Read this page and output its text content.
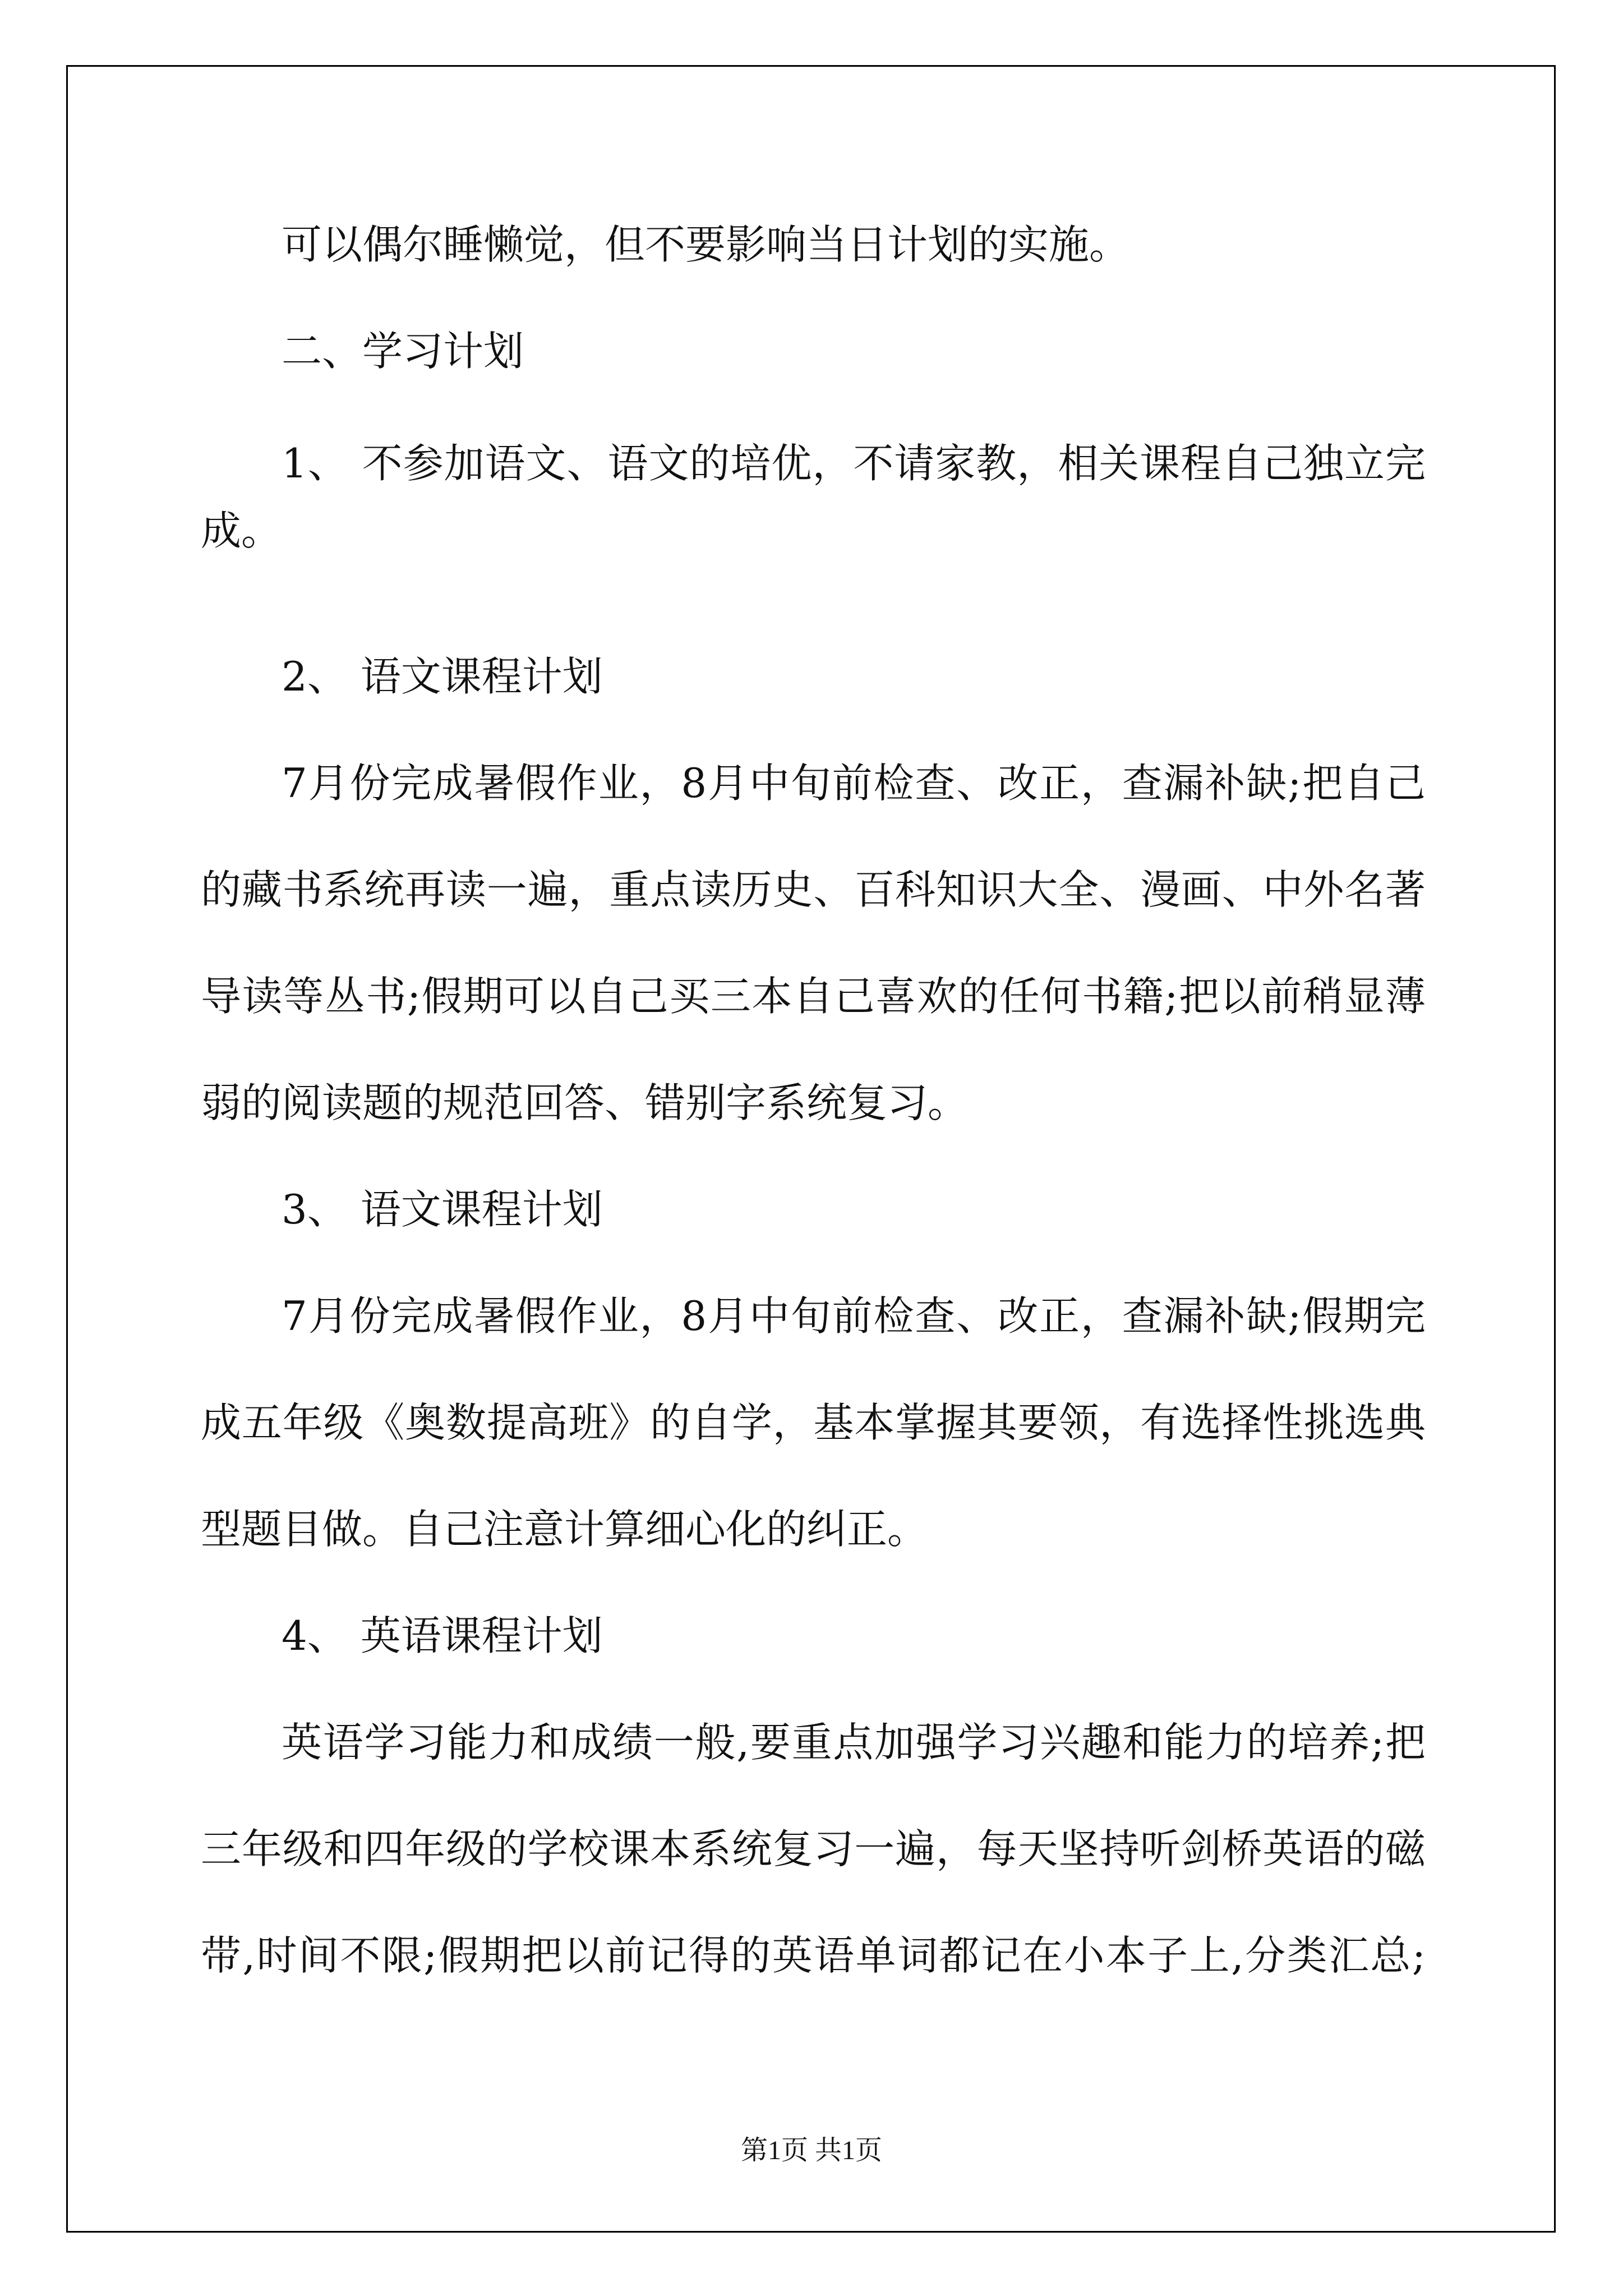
可以偶尔睡懒觉，但不要影响当日计划的实施。
二、学习计划
1、 不参加语文、语文的培优，不请家教，相关课程自己独立完
成。
2、 语文课程计划
7月份完成暑假作业，8月中旬前检查、改正，查漏补缺;把自己
的藏书系统再读一遍，重点读历史、百科知识大全、漫画、中外名著
导读等丛书;假期可以自己买三本自己喜欢的任何书籍;把以前稍显薄
弱的阅读题的规范回答、错别字系统复习。
3、 语文课程计划
7月份完成暑假作业，8月中旬前检查、改正，查漏补缺;假期完
成五年级《奥数提高班》的自学，基本掌握其要领，有选择性挑选典
型题目做。自己注意计算细心化的纠正。
4、 英语课程计划
英语学习能力和成绩一般,要重点加强学习兴趣和能力的培养;把
三年级和四年级的学校课本系统复习一遍，每天坚持听剑桥英语的磁
带,时间不限;假期把以前记得的英语单词都记在小本子上,分类汇总;
第1页 共1页
